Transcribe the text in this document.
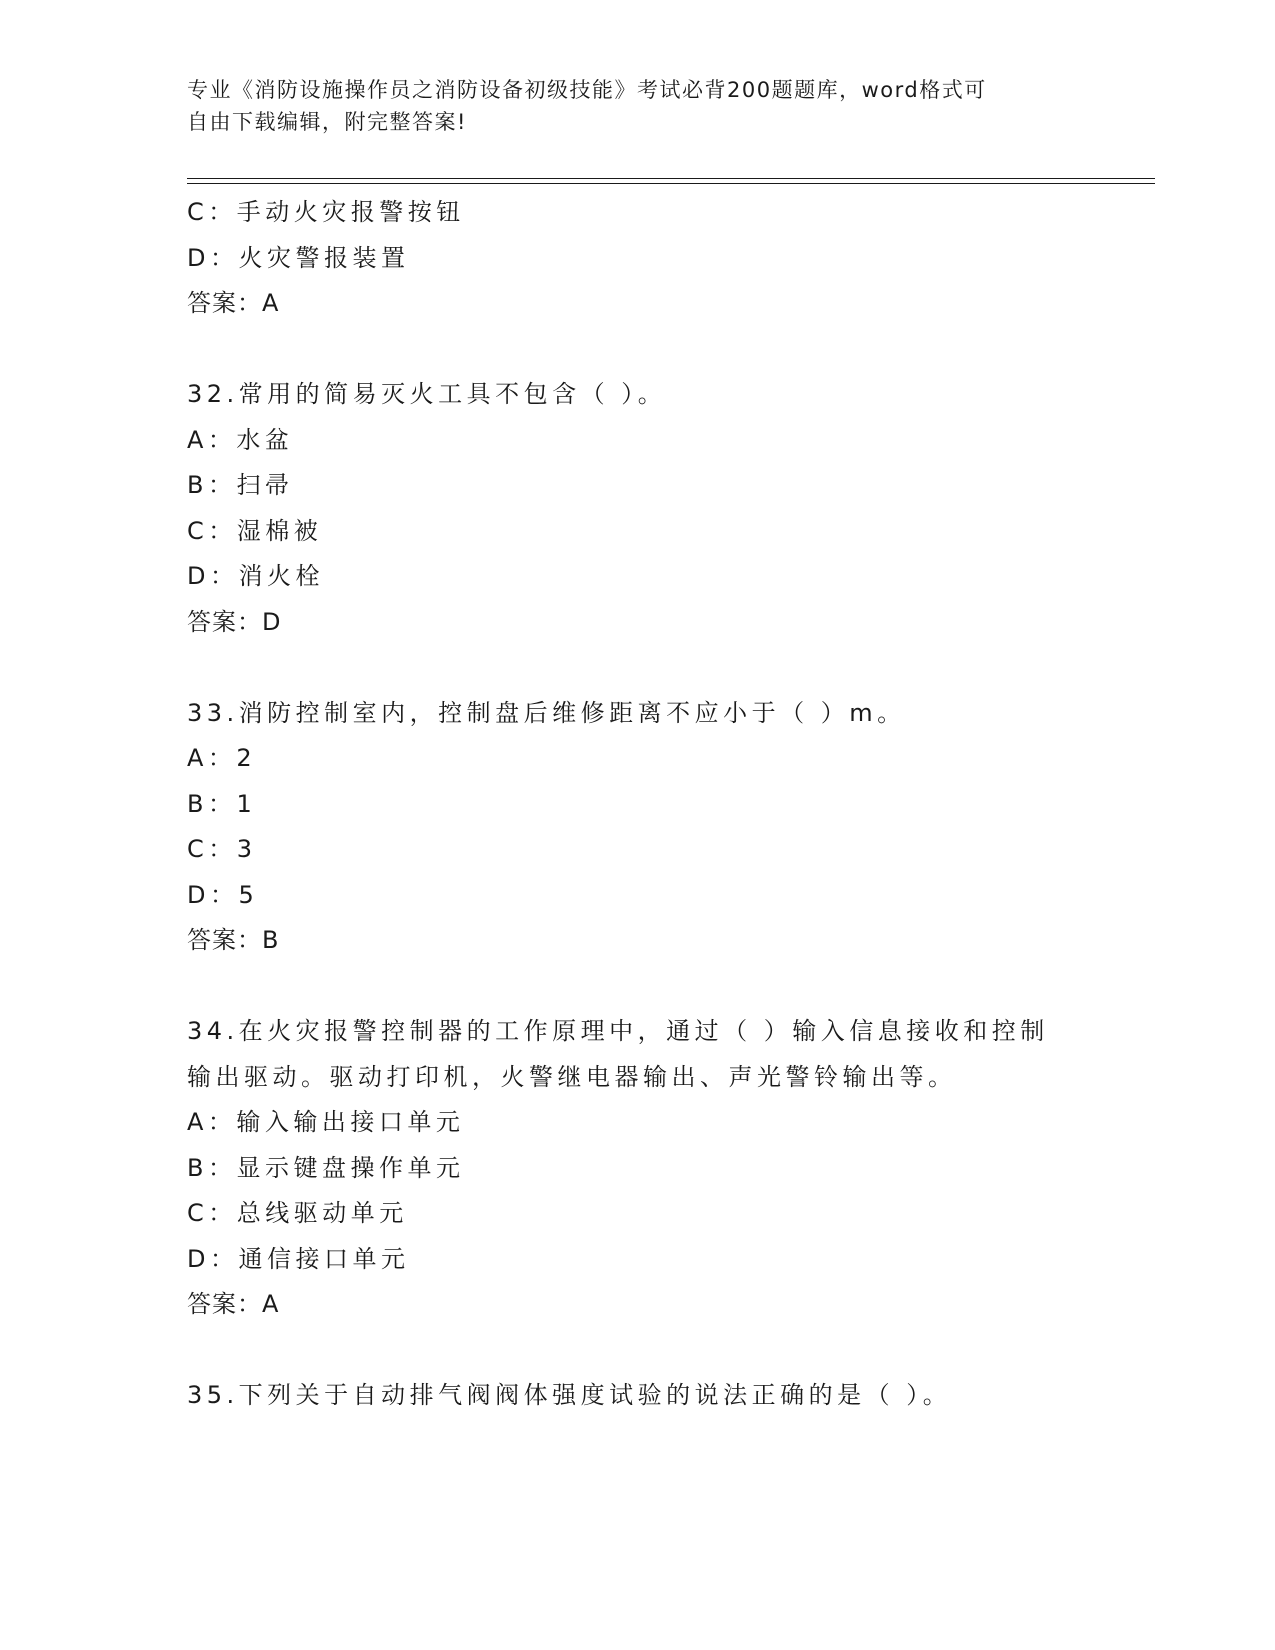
专业《消防设施操作员之消防设备初级技能》考试必背200题题库，word格式可
自由下载编辑，附完整答案!
C：手动火灾报警按钮
D：火灾警报装置
答案：A
32.常用的简易灭火工具不包含（ ）。
A：水盆
B：扫帚
C：湿棉被
D：消火栓
答案：D
33.消防控制室内，控制盘后维修距离不应小于（ ）m。
A：2
B：1
C：3
D：5
答案：B
34.在火灾报警控制器的工作原理中，通过（ ）输入信息接收和控制
输出驱动。驱动打印机，火警继电器输出、声光警铃输出等。
A：输入输出接口单元
B：显示键盘操作单元
C：总线驱动单元
D：通信接口单元
答案：A
35.下列关于自动排气阀阀体强度试验的说法正确的是（ ）。
